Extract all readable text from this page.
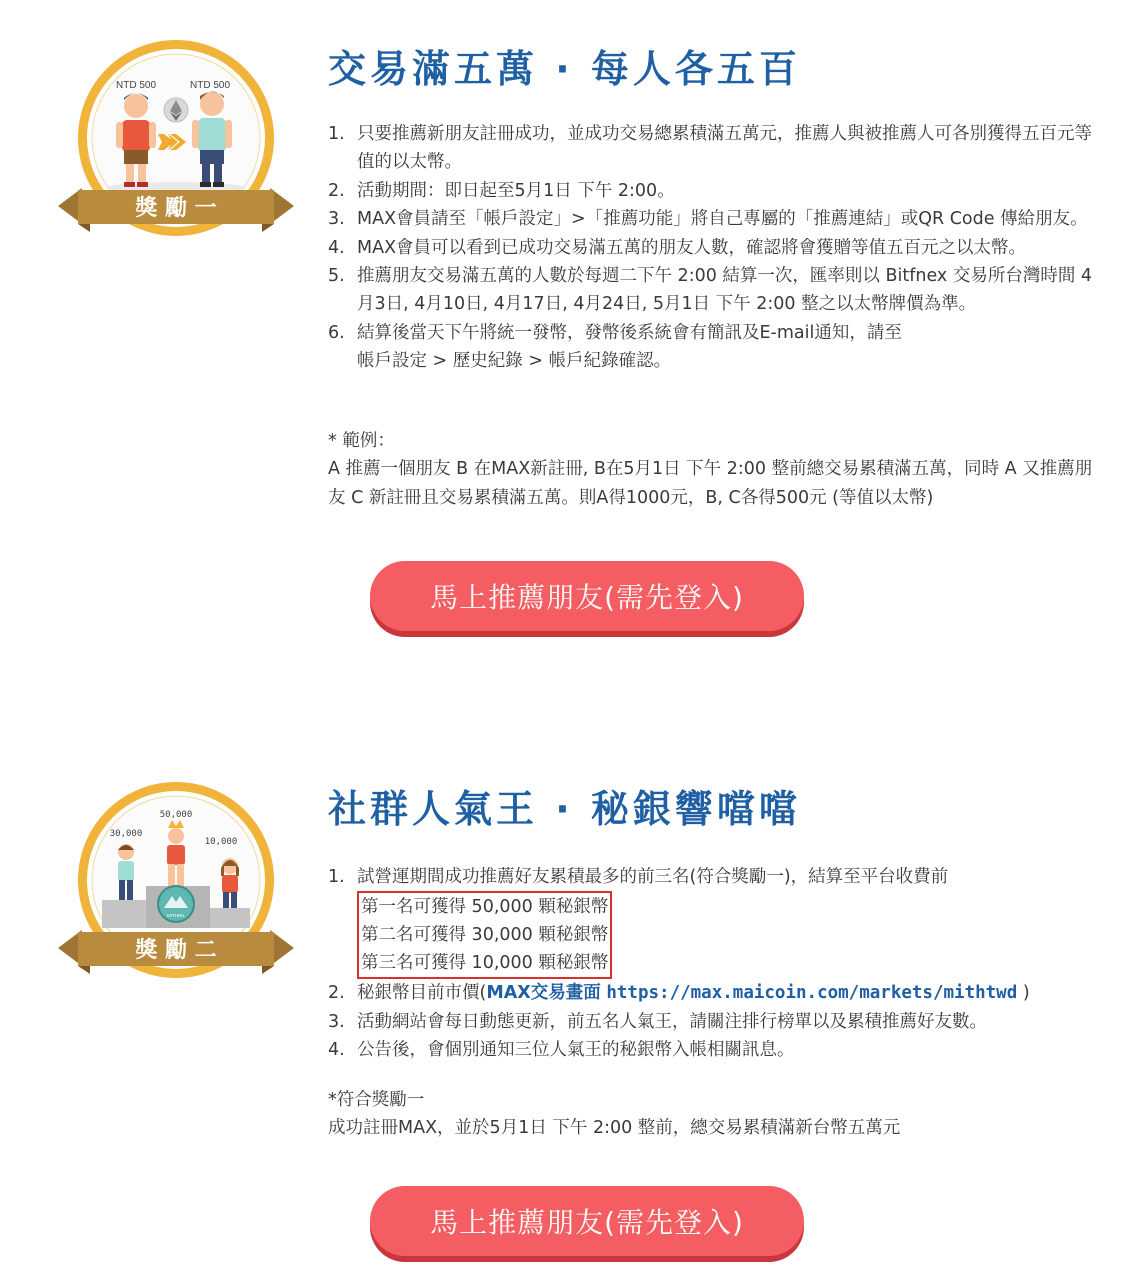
NTD 500	NTD 500
獎 勵 一
交易滿五萬 · 每人各五百
1. 只要推薦新朋友註冊成功，並成功交易總累積滿五萬元，推薦人與被推薦人可各別獲得五百元等值的以太幣。
2. 活動期間：即日起至5月1日 下午 2:00。
3. MAX會員請至「帳戶設定」>「推薦功能」將自己專屬的「推薦連結」或QR Code 傳給朋友。
4. MAX會員可以看到已成功交易滿五萬的朋友人數，確認將會獲贈等值五百元之以太幣。
5. 推薦朋友交易滿五萬的人數於每週二下午 2:00 結算一次，匯率則以 Bitfnex 交易所台灣時間 4月3日, 4月10日, 4月17日, 4月24日, 5月1日 下午 2:00 整之以太幣牌價為準。
6. 結算後當天下午將統一發幣，發幣後系統會有簡訊及E-mail通知，請至
帳戶設定 > 歷史紀錄 > 帳戶紀錄確認。
* 範例：
A 推薦一個朋友 B 在MAX新註冊, B在5月1日 下午 2:00 整前總交易累積滿五萬，同時 A 又推薦朋友 C 新註冊且交易累積滿五萬。則A得1000元，B, C各得500元 (等值以太幣)
馬上推薦朋友(需先登入)
MITHRIL
30,000
50,000
10,000
獎 勵 二
社群人氣王 · 秘銀響噹噹
1. 試營運期間成功推薦好友累積最多的前三名(符合獎勵一)，結算至平台收費前
第一名可獲得 50,000 顆秘銀幣
第二名可獲得 30,000 顆秘銀幣
第三名可獲得 10,000 顆秘銀幣
2. 秘銀幣目前市價(MAX交易畫面 https://max.maicoin.com/markets/mithtwd )
3. 活動網站會每日動態更新，前五名人氣王，請關注排行榜單以及累積推薦好友數。
4. 公告後，會個別通知三位人氣王的秘銀幣入帳相關訊息。
*符合獎勵一
成功註冊MAX，並於5月1日 下午 2:00 整前，總交易累積滿新台幣五萬元
馬上推薦朋友(需先登入)
